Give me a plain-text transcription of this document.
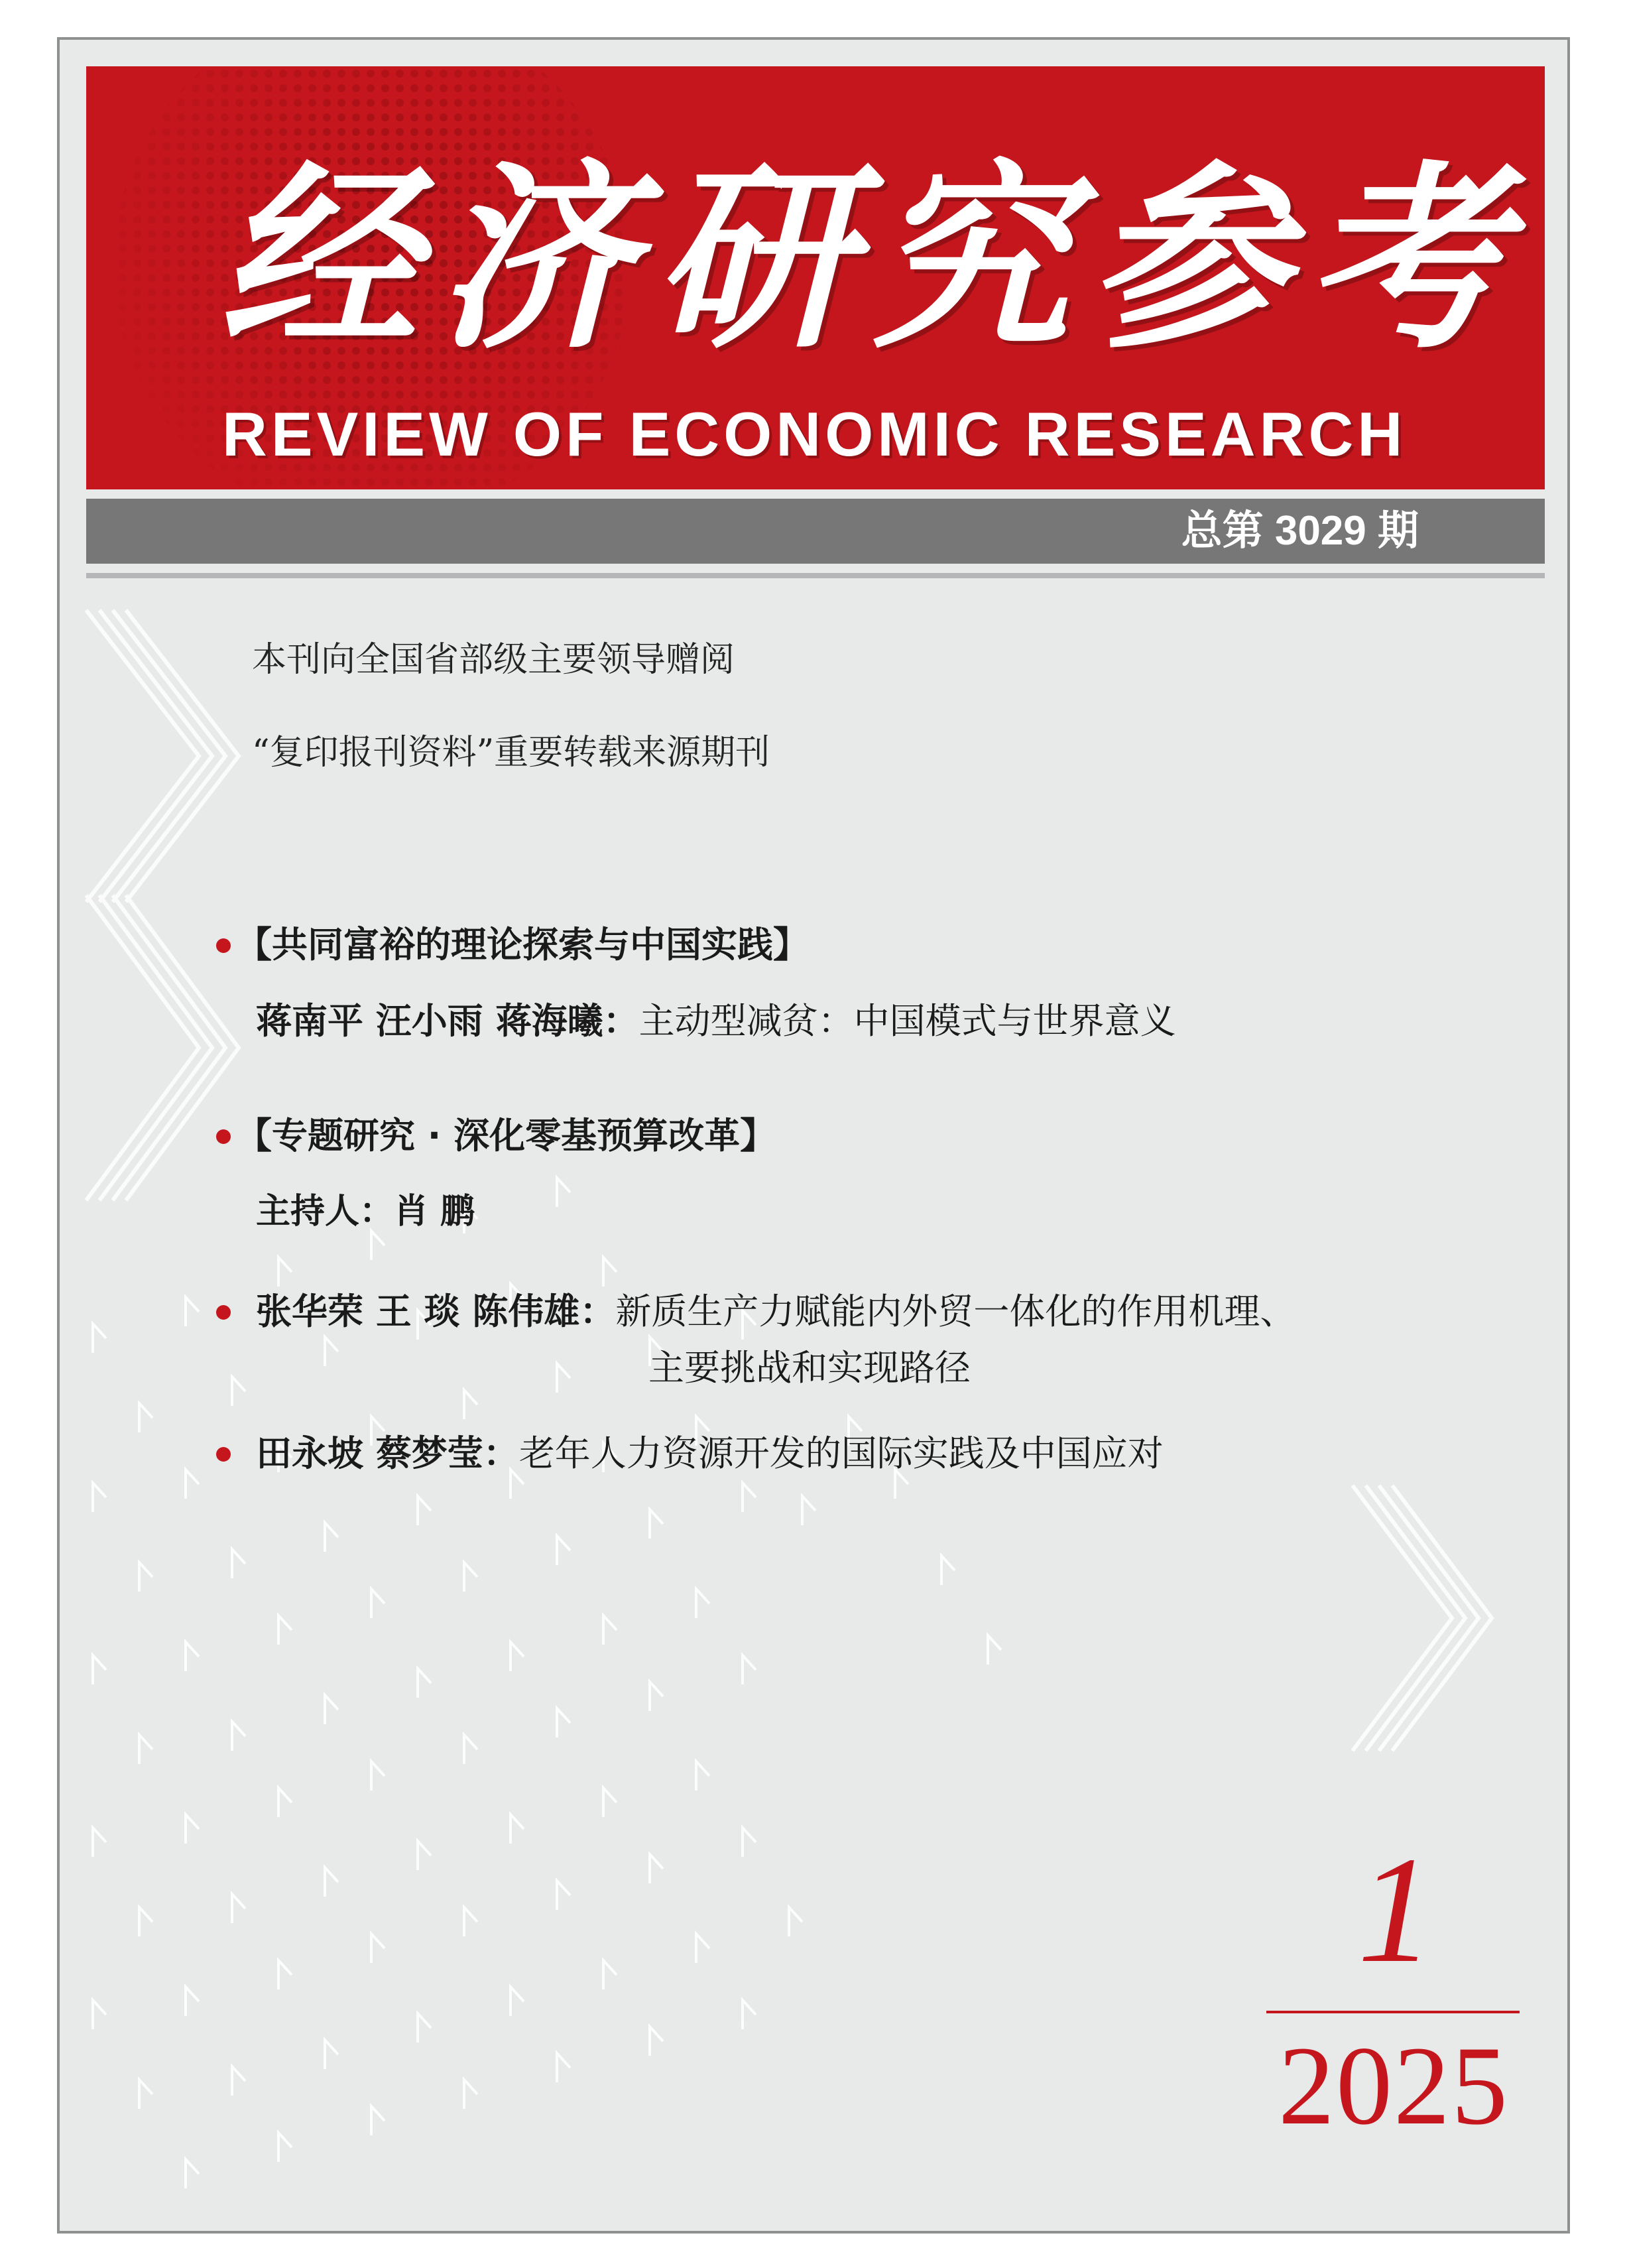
经济研究参考
REVIEW OF ECONOMIC RESEARCH
总第 3029 期
本刊向全国省部级主要领导赠阅
“复印报刊资料”重要转载来源期刊
【共同富裕的理论探索与中国实践】
蒋南平 汪小雨 蒋海曦：主动型减贫：中国模式与世界意义
【专题研究 · 深化零基预算改革】
主持人：肖 鹏
张华荣 王 琰 陈伟雄：新质生产力赋能内外贸一体化的作用机理、
主要挑战和实现路径
田永坡 蔡梦莹：老年人力资源开发的国际实践及中国应对
1
2025
